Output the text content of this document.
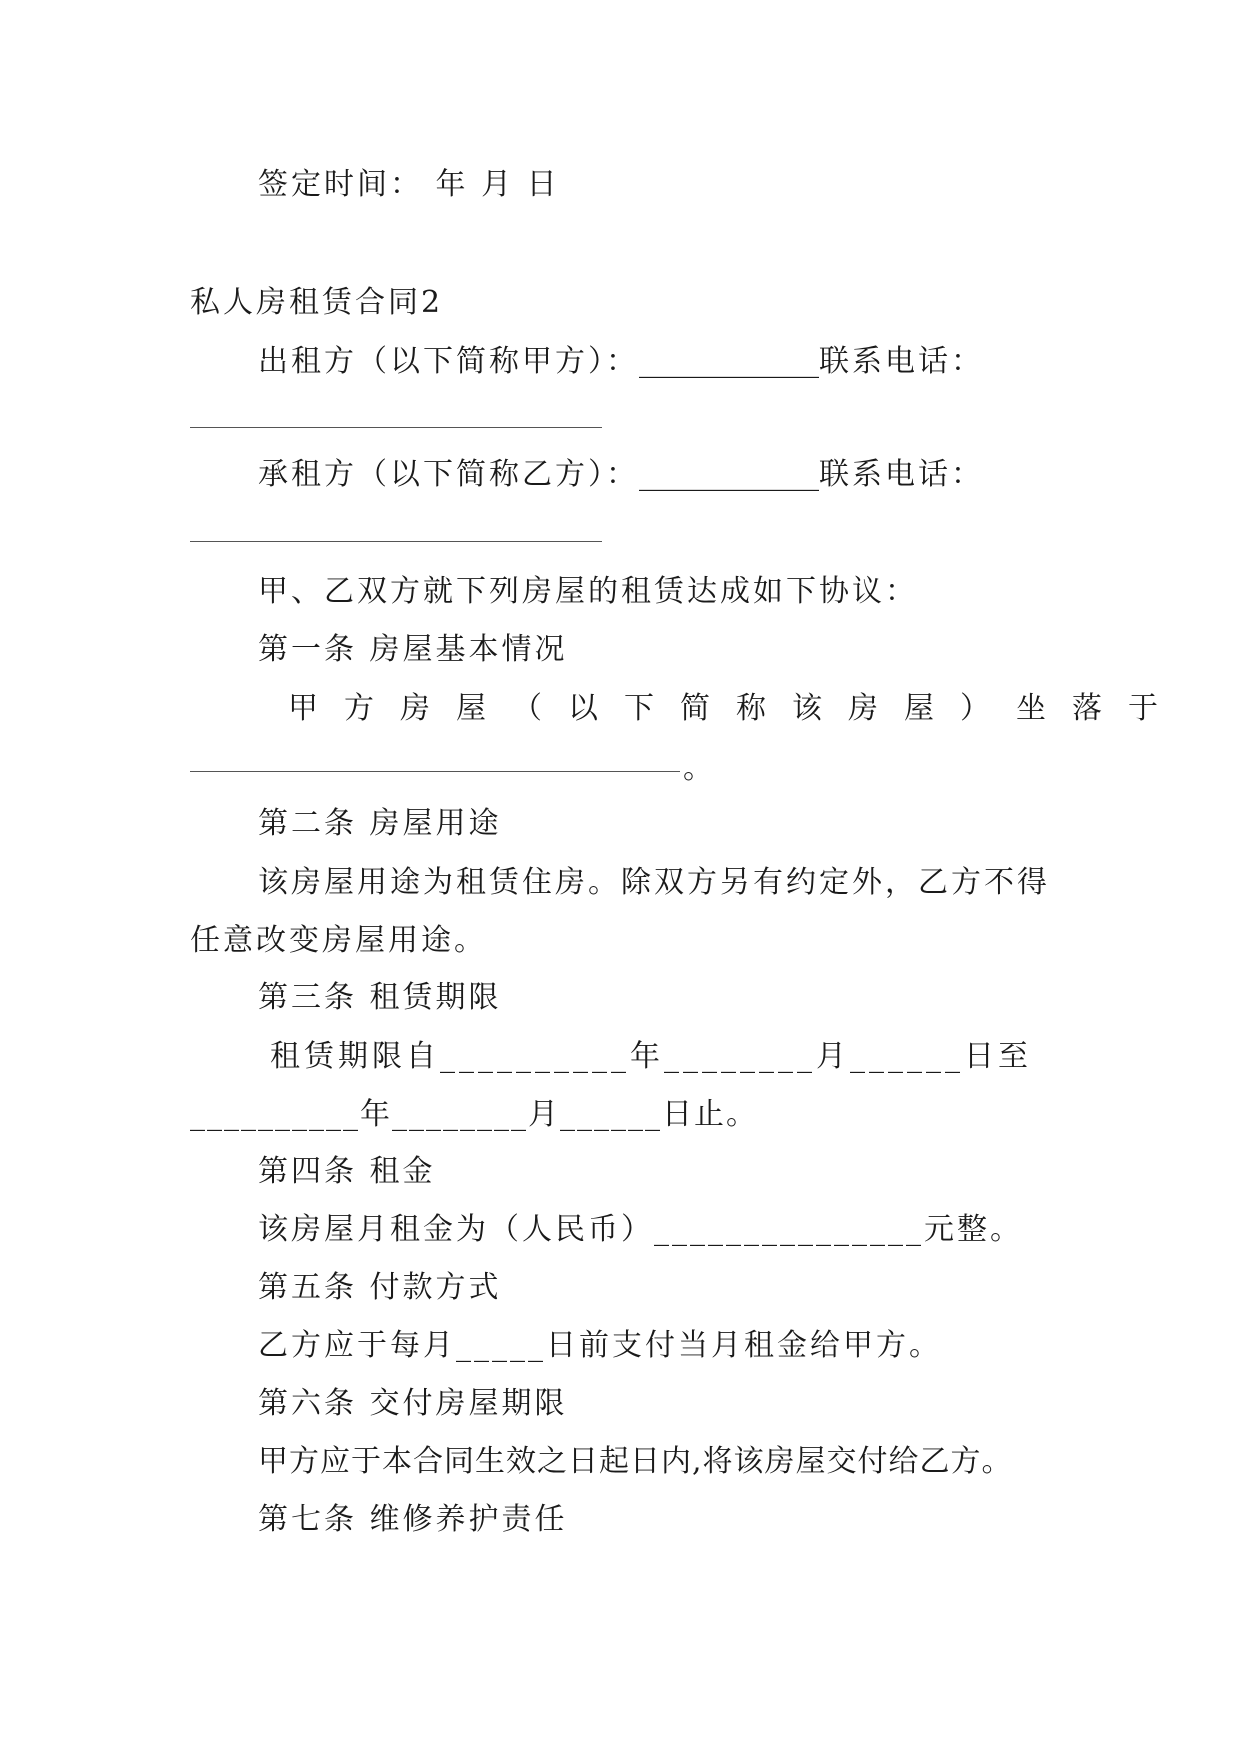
签定时间： 年 月 日

私人房租赁合同2

出租方（以下简称甲方）：____________联系电话：

承租方（以下简称乙方）：____________联系电话：

甲、乙双方就下列房屋的租赁达成如下协议：

第一条 房屋基本情况

甲方房屋（以下简称该房屋）坐落于

。

第二条 房屋用途

该房屋用途为租赁住房。除双方另有约定外，乙方不得

任意改变房屋用途。

第三条 租赁期限

租赁期限自__________年________月______日至

__________年________月______日止。

第四条 租金

该房屋月租金为（人民币）_______________元整。

第五条 付款方式

乙方应于每月_____日前支付当月租金给甲方。

第六条 交付房屋期限

甲方应于本合同生效之日起日内,将该房屋交付给乙方。

第七条 维修养护责任
